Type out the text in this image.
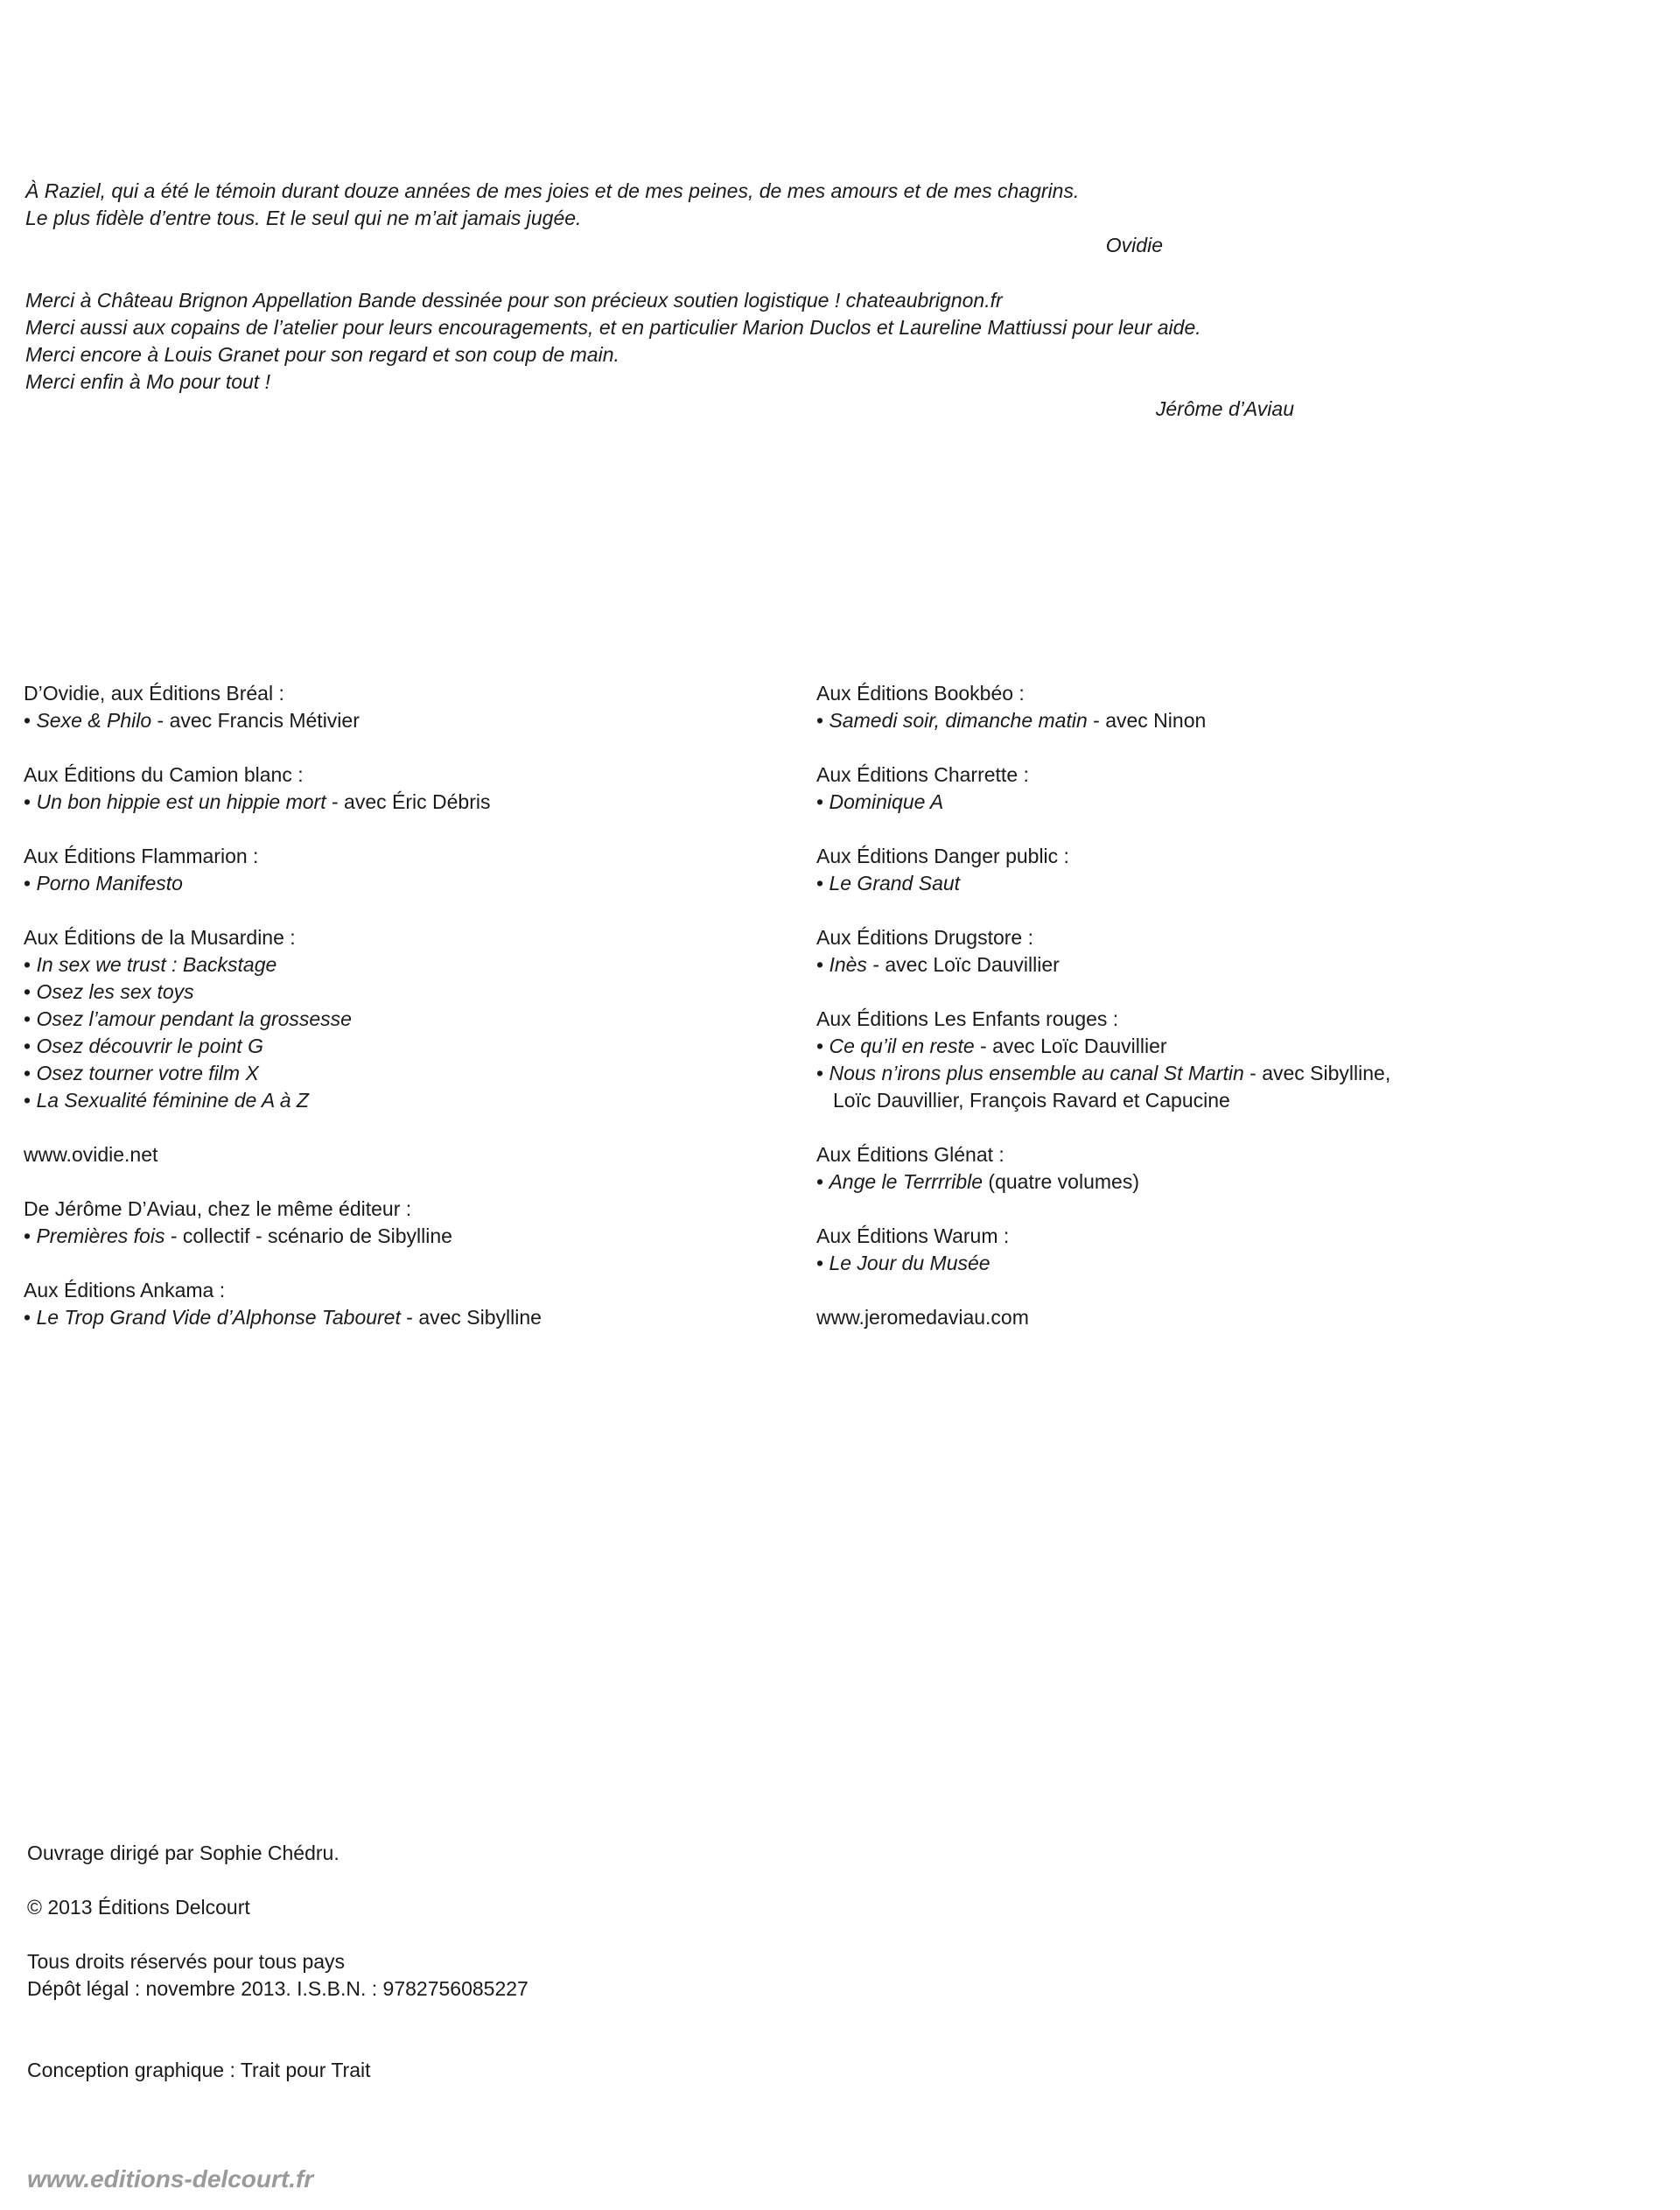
À Raziel, qui a été le témoin durant douze années de mes joies et de mes peines, de mes amours et de mes chagrins.
Le plus fidèle d’entre tous. Et le seul qui ne m’ait jamais jugée.
Ovidie
Merci à Château Brignon Appellation Bande dessinée pour son précieux soutien logistique ! chateaubrignon.fr
Merci aussi aux copains de l’atelier pour leurs encouragements, et en particulier Marion Duclos et Laureline Mattiussi pour leur aide.
Merci encore à Louis Granet pour son regard et son coup de main.
Merci enfin à Mo pour tout !
Jérôme d’Aviau
D’Ovidie, aux Éditions Bréal :
• Sexe & Philo - avec Francis Métivier
Aux Éditions du Camion blanc :
• Un bon hippie est un hippie mort - avec Éric Débris
Aux Éditions Flammarion :
• Porno Manifesto
Aux Éditions de la Musardine :
• In sex we trust : Backstage
• Osez les sex toys
• Osez l’amour pendant la grossesse
• Osez découvrir le point G
• Osez tourner votre film X
• La Sexualité féminine de A à Z
www.ovidie.net
De Jérôme D’Aviau, chez le même éditeur :
• Premières fois - collectif - scénario de Sibylline
Aux Éditions Ankama :
• Le Trop Grand Vide d’Alphonse Tabouret - avec Sibylline
Aux Éditions Bookbéo :
• Samedi soir, dimanche matin - avec Ninon
Aux Éditions Charrette :
• Dominique A
Aux Éditions Danger public :
• Le Grand Saut
Aux Éditions Drugstore :
• Inès - avec Loïc Dauvillier
Aux Éditions Les Enfants rouges :
• Ce qu’il en reste - avec Loïc Dauvillier
• Nous n’irons plus ensemble au canal St Martin - avec Sibylline,
Loïc Dauvillier, François Ravard et Capucine
Aux Éditions Glénat :
• Ange le Terrrrible (quatre volumes)
Aux Éditions Warum :
• Le Jour du Musée
www.jeromedaviau.com
Ouvrage dirigé par Sophie Chédru.
© 2013 Éditions Delcourt
Tous droits réservés pour tous pays
Dépôt légal : novembre 2013. I.S.B.N. : 9782756085227
Conception graphique : Trait pour Trait
www.editions-delcourt.fr
